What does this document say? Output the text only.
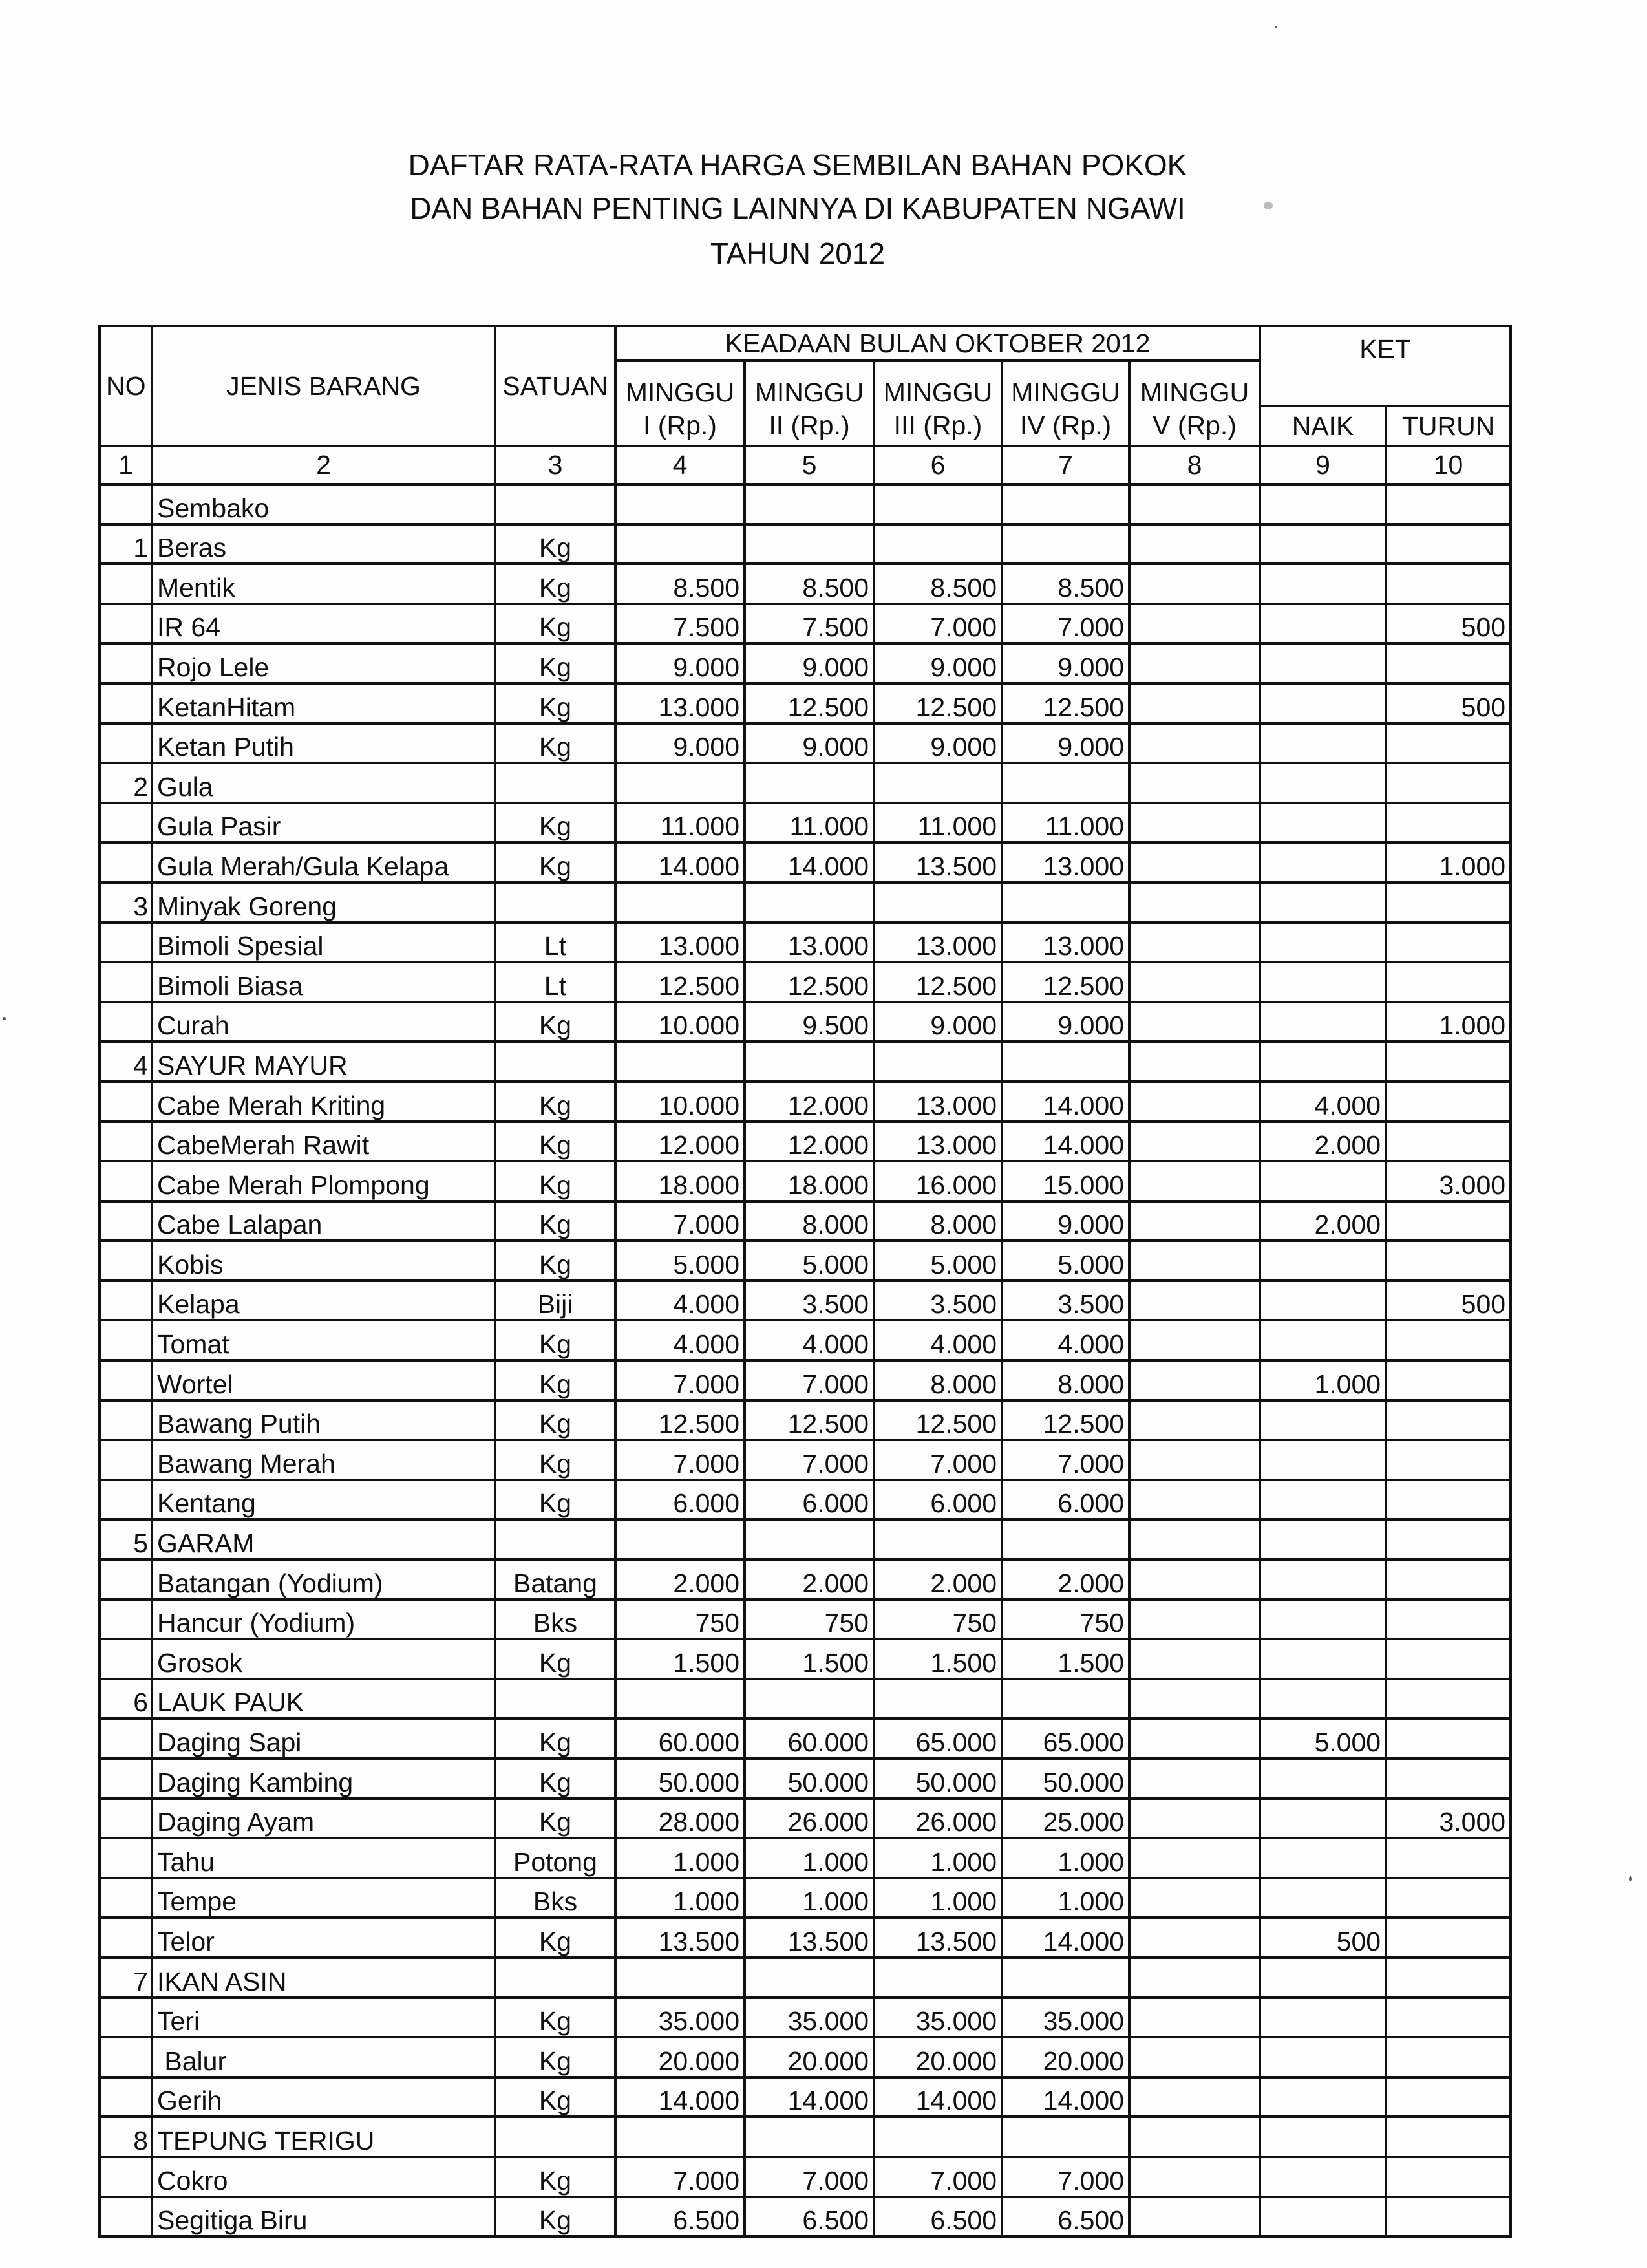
DAFTAR RATA-RATA HARGA SEMBILAN BAHAN POKOK
DAN BAHAN PENTING LAINNYA DI KABUPATEN NGAWI
TAHUN 2012
NO	JENIS BARANG	SATUAN	KEADAAN BULAN OKTOBER 2012					KET	
			MINGGU	MINGGU	MINGGU	MINGGU	MINGGU		
			I (Rp.)	II (Rp.)	III (Rp.)	IV (Rp.)	V (Rp.)	NAIK	TURUN
1	2	3	4	5	6	7	8	9	10
	Sembako								
1	Beras	Kg							
	Mentik	Kg	8.500	8.500	8.500	8.500			
	IR 64	Kg	7.500	7.500	7.000	7.000			500
	Rojo Lele	Kg	9.000	9.000	9.000	9.000			
	KetanHitam	Kg	13.000	12.500	12.500	12.500			500
	Ketan Putih	Kg	9.000	9.000	9.000	9.000			
2	Gula								
	Gula Pasir	Kg	11.000	11.000	11.000	11.000			
	Gula Merah/Gula Kelapa	Kg	14.000	14.000	13.500	13.000			1.000
3	Minyak Goreng								
	Bimoli Spesial	Lt	13.000	13.000	13.000	13.000			
	Bimoli Biasa	Lt	12.500	12.500	12.500	12.500			
	Curah	Kg	10.000	9.500	9.000	9.000			1.000
4	SAYUR MAYUR								
	Cabe Merah Kriting	Kg	10.000	12.000	13.000	14.000		4.000	
	CabeMerah Rawit	Kg	12.000	12.000	13.000	14.000		2.000	
	Cabe Merah Plompong	Kg	18.000	18.000	16.000	15.000			3.000
	Cabe Lalapan	Kg	7.000	8.000	8.000	9.000		2.000	
	Kobis	Kg	5.000	5.000	5.000	5.000			
	Kelapa	Biji	4.000	3.500	3.500	3.500			500
	Tomat	Kg	4.000	4.000	4.000	4.000			
	Wortel	Kg	7.000	7.000	8.000	8.000		1.000	
	Bawang Putih	Kg	12.500	12.500	12.500	12.500			
	Bawang Merah	Kg	7.000	7.000	7.000	7.000			
	Kentang	Kg	6.000	6.000	6.000	6.000			
5	GARAM								
	Batangan (Yodium)	Batang	2.000	2.000	2.000	2.000			
	Hancur (Yodium)	Bks	750	750	750	750			
	Grosok	Kg	1.500	1.500	1.500	1.500			
6	LAUK PAUK								
	Daging Sapi	Kg	60.000	60.000	65.000	65.000		5.000	
	Daging Kambing	Kg	50.000	50.000	50.000	50.000			
	Daging Ayam	Kg	28.000	26.000	26.000	25.000			3.000
	Tahu	Potong	1.000	1.000	1.000	1.000			
	Tempe	Bks	1.000	1.000	1.000	1.000			
	Telor	Kg	13.500	13.500	13.500	14.000		500	
7	IKAN ASIN								
	Teri	Kg	35.000	35.000	35.000	35.000			
	Balur	Kg	20.000	20.000	20.000	20.000			
	Gerih	Kg	14.000	14.000	14.000	14.000			
8	TEPUNG TERIGU								
	Cokro	Kg	7.000	7.000	7.000	7.000			
	Segitiga Biru	Kg	6.500	6.500	6.500	6.500			
